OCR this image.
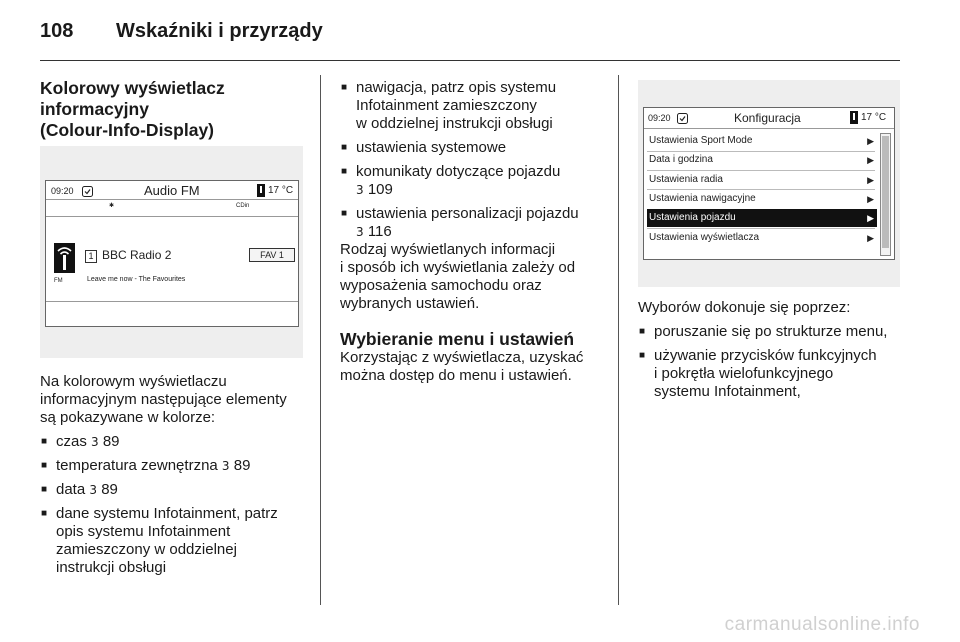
108 Wskaźniki i przyrządy
Kolorowy wyświetlacz
informacyjny
(Colour-Info-Display)
09:20	Audio FM	17 °C
✱	CDin
FM
1 BBC Radio 2	FAV 1
Leave me now - The Favourites
Na kolorowym wyświetlaczu
informacyjnym następujące elementy
są pokazywane w kolorze:
■ czas 3 89
■ temperatura zewnętrzna 3 89
■ data 3 89
■ dane systemu Infotainment, patrz
opis systemu Infotainment
zamieszczony w oddzielnej
instrukcji obsługi
■ nawigacja, patrz opis systemu
Infotainment zamieszczony
w oddzielnej instrukcji obsługi
■ ustawienia systemowe
■ komunikaty dotyczące pojazdu
3 109
■ ustawienia personalizacji pojazdu
3 116
Rodzaj wyświetlanych informacji
i sposób ich wyświetlania zależy od
wyposażenia samochodu oraz
wybranych ustawień.
Wybieranie menu i ustawień
Korzystając z wyświetlacza, uzyskać
można dostęp do menu i ustawień.
09:20	Konfiguracja	17 °C
Ustawienia Sport Mode	▶
Data i godzina	▶
Ustawienia radia	▶
Ustawienia nawigacyjne	▶
Ustawienia pojazdu	▶
Ustawienia wyświetlacza	▶
Wyborów dokonuje się poprzez:
■ poruszanie się po strukturze menu,
■ używanie przycisków funkcyjnych
i pokrętła wielofunkcyjnego
systemu Infotainment,
carmanualsonline.info
